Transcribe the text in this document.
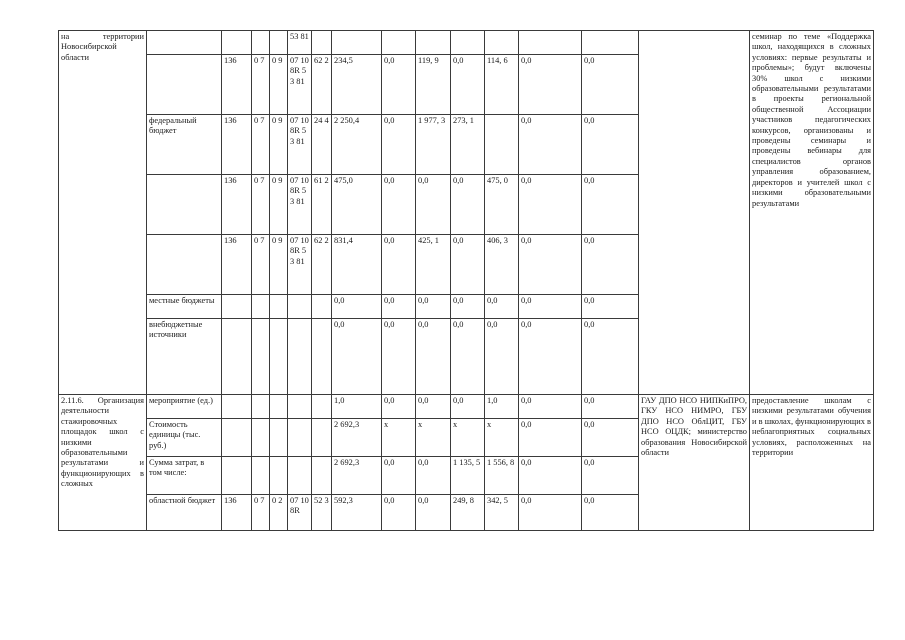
на территории Новосибирской области					53 81										семинар по теме «Поддержка школ, находящихся в сложных условиях: первые результаты и проблемы»; будут включены 30% школ с низкими образовательными результатами в проекты региональной общественной Ассоциации участников педагогических конкурсов, организованы и проведены семинары и проведены вебинары для специалистов органов управления образованием, директоров и учителей школ с низкими образовательными результатами
		136	0 7	0 9	07 10 8R 53 81	62 2	234,5	0,0	119, 9	0,0	114, 6	0,0	0,0		
	федеральный бюджет	136	0 7	0 9	07 10 8R 53 81	24 4	2 250,4	0,0	1 977, 3	273, 1		0,0	0,0		
		136	0 7	0 9	07 10 8R 53 81	61 2	475,0	0,0	0,0	0,0	475, 0	0,0	0,0		
		136	0 7	0 9	07 10 8R 53 81	62 2	831,4	0,0	425, 1	0,0	406, 3	0,0	0,0		
	местные бюджеты						0,0	0,0	0,0	0,0	0,0	0,0	0,0		
	внебюджетные источники						0,0	0,0	0,0	0,0	0,0	0,0	0,0		
2.11.6. Организация деятельности стажировочных площадок школ с низкими образовательными результатами и функционирующих в сложных	мероприятие (ед.)						1,0	0,0	0,0	0,0	1,0	0,0	0,0	ГАУ ДПО НСО НИПКиПРО, ГКУ НСО НИМРО, ГБУ ДПО НСО ОблЦИТ, ГБУ НСО ОЦДК; министерство образования Новосибирской области	предоставление школам с низкими результатами обучения и в школах, функционирующих в неблагоприятных социальных условиях, расположенных на территории
	Стоимость единицы (тыс. руб.)						2 692,3	x	x	x	x	0,0	0,0		
	Сумма затрат, в том числе:						2 692,3	0,0	0,0	1 135, 5	1 556, 8	0,0	0,0		
	областной бюджет	136	0 7	0 2	07 10 8R	52 3	592,3	0,0	0,0	249, 8	342, 5	0,0	0,0		
